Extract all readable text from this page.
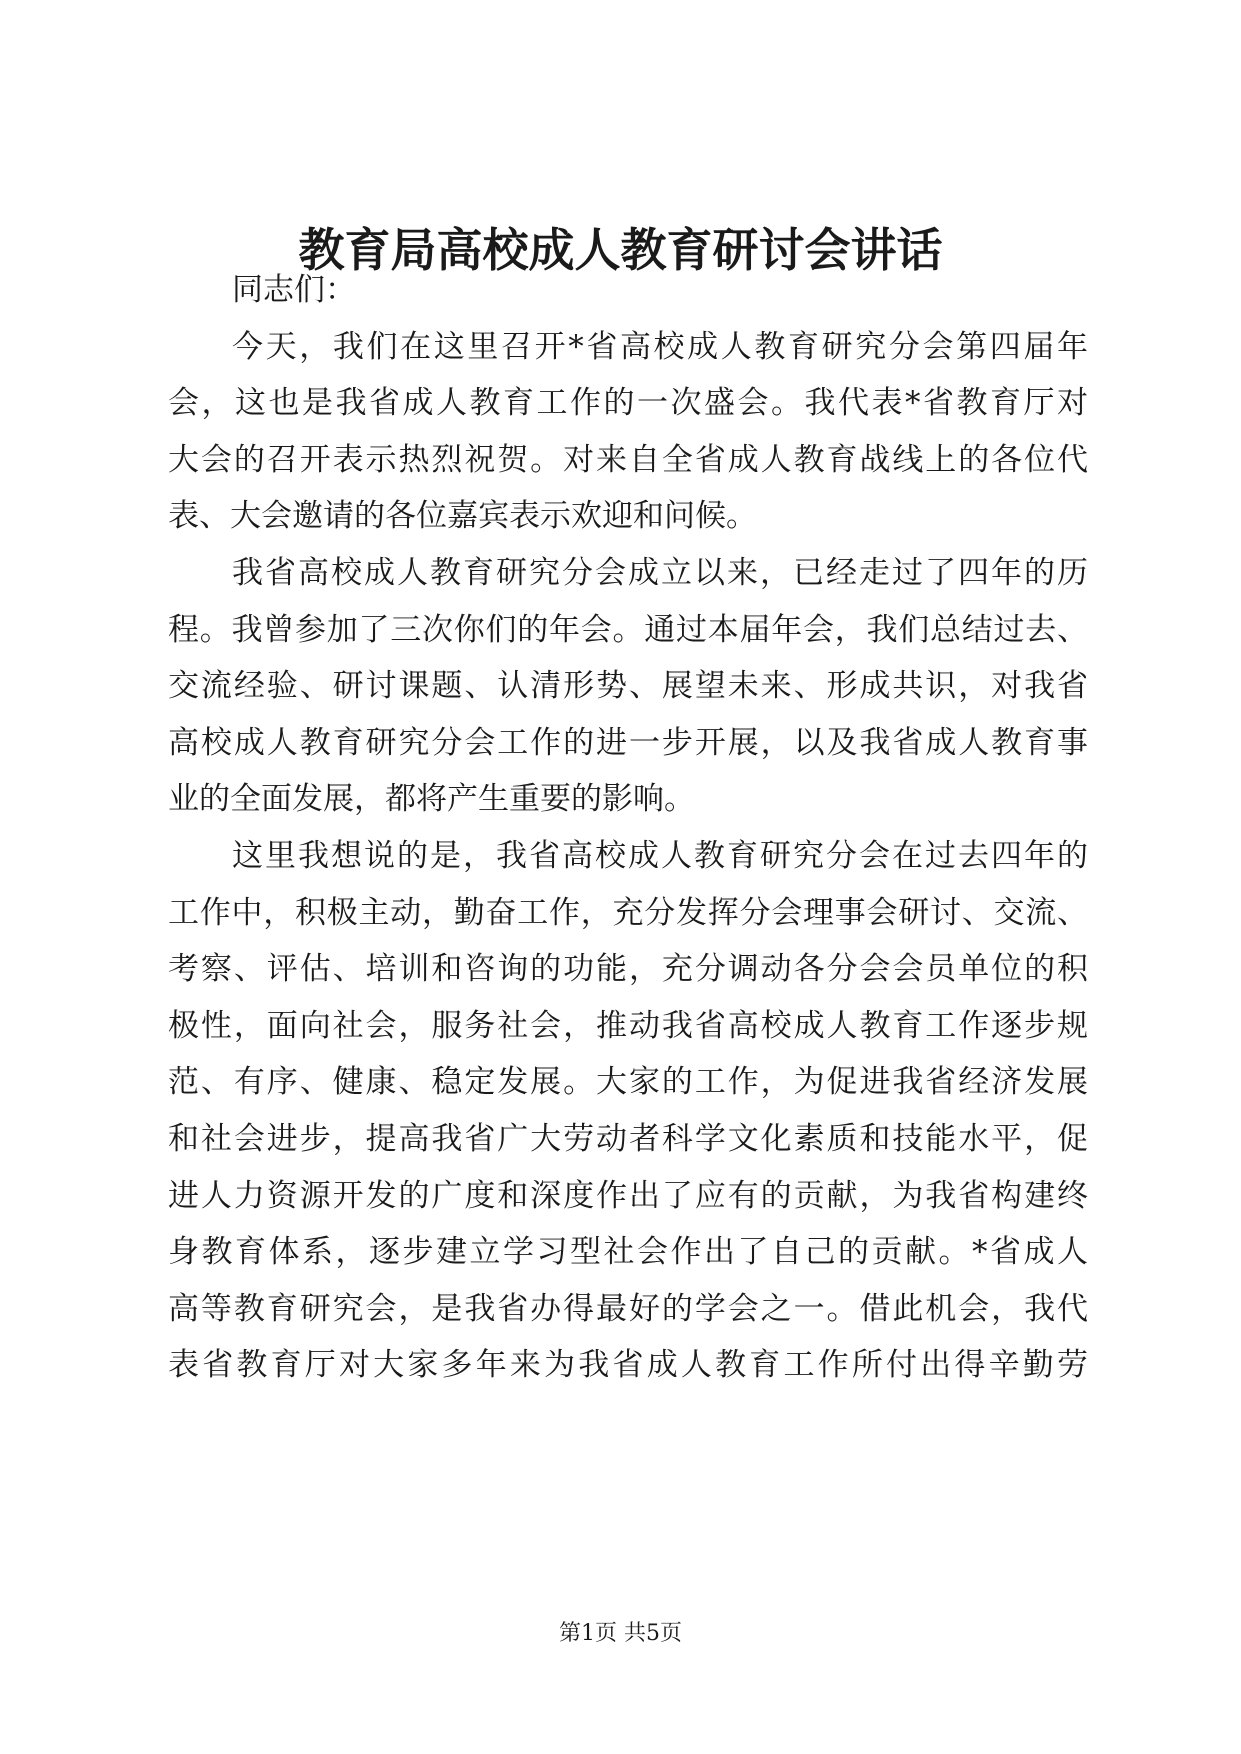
教育局高校成人教育研讨会讲话

同志们：

今天，我们在这里召开*省高校成人教育研究分会第四届年

会，这也是我省成人教育工作的一次盛会。我代表*省教育厅对

大会的召开表示热烈祝贺。对来自全省成人教育战线上的各位代

表、大会邀请的各位嘉宾表示欢迎和问候。

我省高校成人教育研究分会成立以来，已经走过了四年的历

程。我曾参加了三次你们的年会。通过本届年会，我们总结过去、

交流经验、研讨课题、认清形势、展望未来、形成共识，对我省

高校成人教育研究分会工作的进一步开展，以及我省成人教育事

业的全面发展，都将产生重要的影响。

这里我想说的是，我省高校成人教育研究分会在过去四年的

工作中，积极主动，勤奋工作，充分发挥分会理事会研讨、交流、

考察、评估、培训和咨询的功能，充分调动各分会会员单位的积

极性，面向社会，服务社会，推动我省高校成人教育工作逐步规

范、有序、健康、稳定发展。大家的工作，为促进我省经济发展

和社会进步，提高我省广大劳动者科学文化素质和技能水平，促

进人力资源开发的广度和深度作出了应有的贡献，为我省构建终

身教育体系，逐步建立学习型社会作出了自己的贡献。*省成人

高等教育研究会，是我省办得最好的学会之一。借此机会，我代

表省教育厅对大家多年来为我省成人教育工作所付出得辛勤劳

第1页 共5页
